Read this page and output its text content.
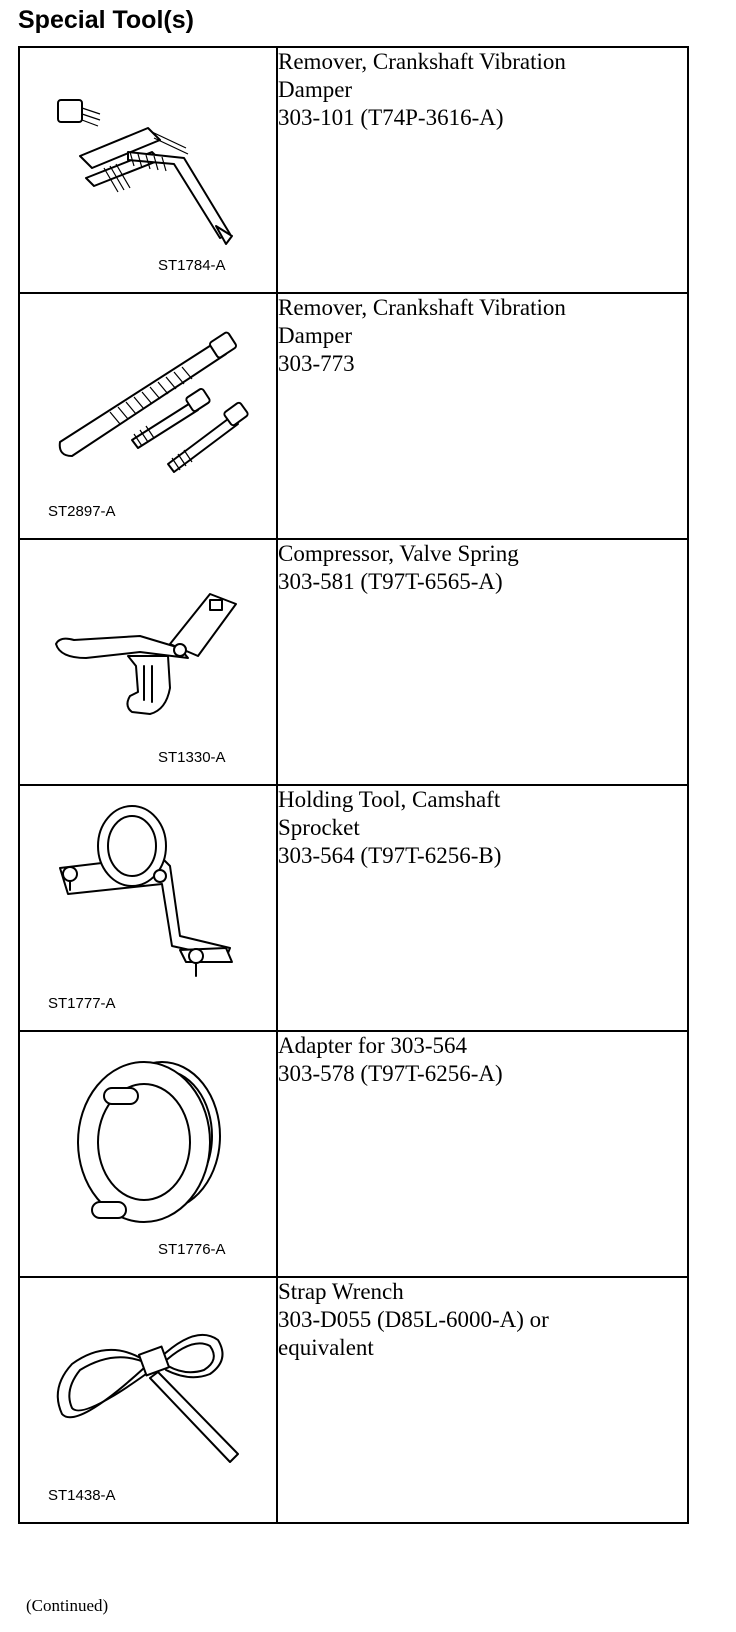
Special Tool(s)
ST1784-A	Remover, Crankshaft Vibration
Damper
303-101 (T74P-3616-A)

ST2897-A	Remover, Crankshaft Vibration
Damper
303-773

ST1330-A	Compressor, Valve Spring
303-581 (T97T-6565-A)

ST1777-A	Holding Tool, Camshaft
Sprocket
303-564 (T97T-6256-B)

ST1776-A	Adapter for 303-564
303-578 (T97T-6256-A)

ST1438-A	Strap Wrench
303-D055 (D85L-6000-A) or
equivalent
(Continued)
